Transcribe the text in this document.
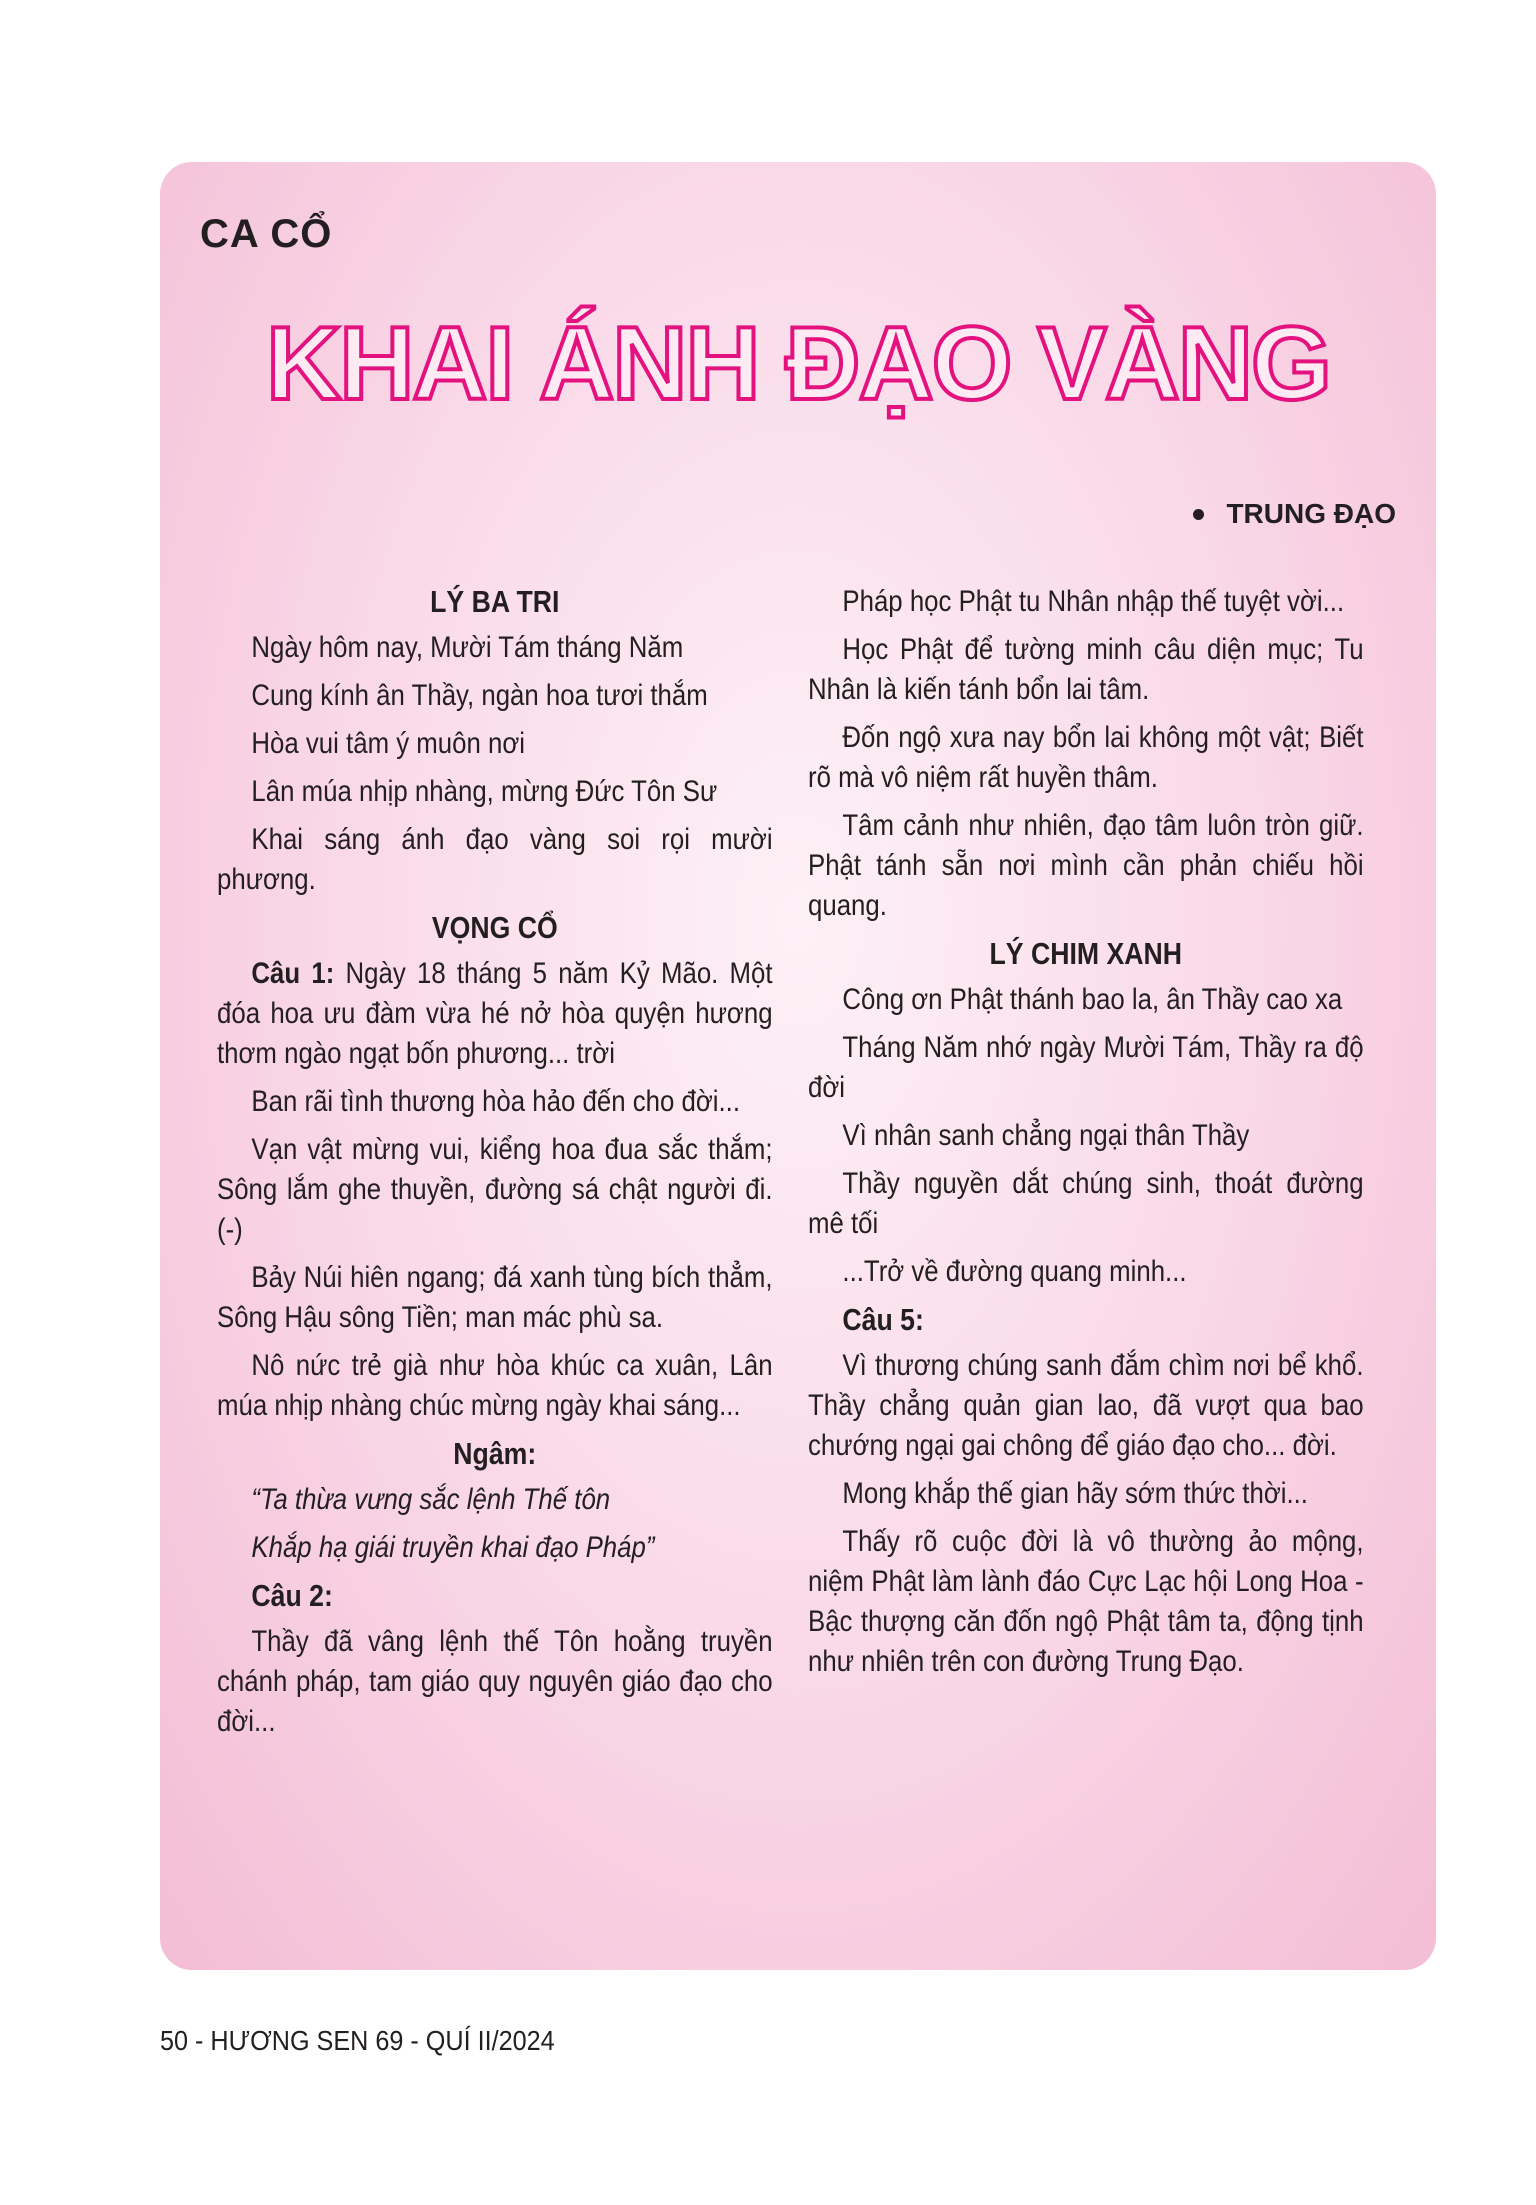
CA CỔ
KHAI ÁNH ĐẠO VÀNG
TRUNG ĐẠO
LÝ BA TRI

Ngày hôm nay, Mười Tám tháng Năm

Cung kính ân Thầy, ngàn hoa tươi thắm

Hòa vui tâm ý muôn nơi

Lân múa nhịp nhàng, mừng Đức Tôn Sư

Khai sáng ánh đạo vàng soi rọi mười phương.

VỌNG CỔ

Câu 1: Ngày 18 tháng 5 năm Kỷ Mão. Một đóa hoa ưu đàm vừa hé nở hòa quyện hương thơm ngào ngạt bốn phương... trời

Ban rãi tình thương hòa hảo đến cho đời...

Vạn vật mừng vui, kiểng hoa đua sắc thắm; Sông lắm ghe thuyền, đường sá chật người đi. (-)

Bảy Núi hiên ngang; đá xanh tùng bích thẳm, Sông Hậu sông Tiền; man mác phù sa.

Nô nức trẻ già như hòa khúc ca xuân, Lân múa nhịp nhàng chúc mừng ngày khai sáng...

Ngâm:

“Ta thừa vưng sắc lệnh Thế tôn

Khắp hạ giái truyền khai đạo Pháp”

Câu 2:

Thầy đã vâng lệnh thế Tôn hoằng truyền chánh pháp, tam giáo quy nguyên giáo đạo cho đời...

Pháp học Phật tu Nhân nhập thế tuyệt vời...

Học Phật để tường minh câu diện mục; Tu Nhân là kiến tánh bổn lai tâm.

Đốn ngộ xưa nay bổn lai không một vật; Biết rõ mà vô niệm rất huyền thâm.

Tâm cảnh như nhiên, đạo tâm luôn tròn giữ. Phật tánh sẵn nơi mình cần phản chiếu hồi quang.

LÝ CHIM XANH

Công ơn Phật thánh bao la, ân Thầy cao xa

Tháng Năm nhớ ngày Mười Tám, Thầy ra độ đời

Vì nhân sanh chẳng ngại thân Thầy

Thầy nguyền dắt chúng sinh, thoát đường mê tối

...Trở về đường quang minh...

Câu 5:

Vì thương chúng sanh đắm chìm nơi bể khổ. Thầy chẳng quản gian lao, đã vượt qua bao chướng ngại gai chông để giáo đạo cho... đời.

Mong khắp thế gian hãy sớm thức thời...

Thấy rõ cuộc đời là vô thường ảo mộng, niệm Phật làm lành đáo Cực Lạc hội Long Hoa - Bậc thượng căn đốn ngộ Phật tâm ta, động tịnh như nhiên trên con đường Trung Đạo.

50 - HƯƠNG SEN 69 - QUÍ II/2024
